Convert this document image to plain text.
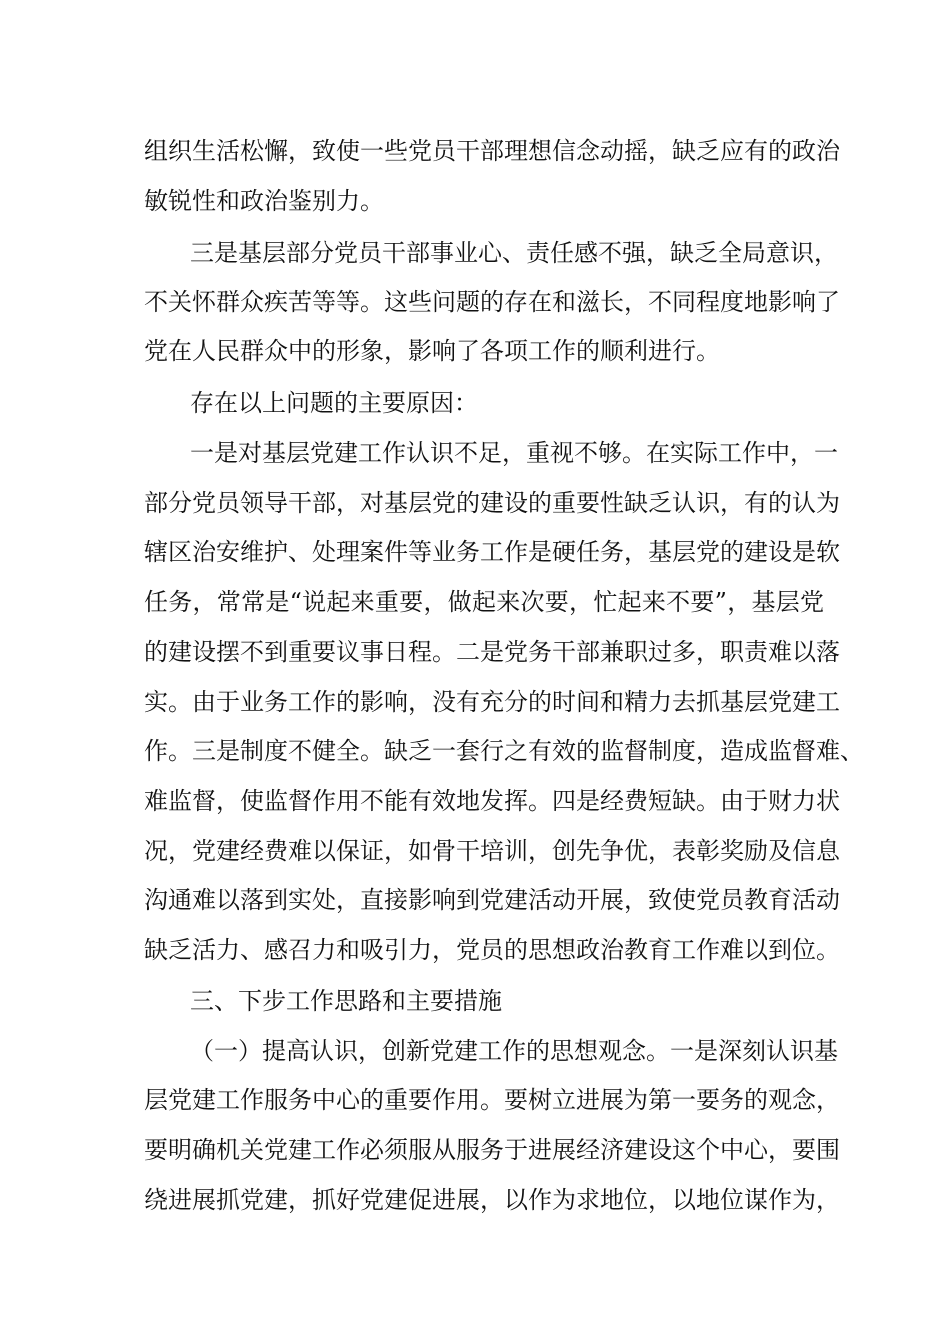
组织生活松懈，致使一些党员干部理想信念动摇，缺乏应有的政治
敏锐性和政治鉴别力。
三是基层部分党员干部事业心、责任感不强，缺乏全局意识，
不关怀群众疾苦等等。这些问题的存在和滋长，不同程度地影响了
党在人民群众中的形象，影响了各项工作的顺利进行。
存在以上问题的主要原因：
一是对基层党建工作认识不足，重视不够。在实际工作中，一
部分党员领导干部，对基层党的建设的重要性缺乏认识，有的认为
辖区治安维护、处理案件等业务工作是硬任务，基层党的建设是软
任务，常常是“说起来重要，做起来次要，忙起来不要”，基层党
的建设摆不到重要议事日程。二是党务干部兼职过多，职责难以落
实。由于业务工作的影响，没有充分的时间和精力去抓基层党建工
作。三是制度不健全。缺乏一套行之有效的监督制度，造成监督难、
难监督，使监督作用不能有效地发挥。四是经费短缺。由于财力状
况，党建经费难以保证，如骨干培训，创先争优，表彰奖励及信息
沟通难以落到实处，直接影响到党建活动开展，致使党员教育活动
缺乏活力、感召力和吸引力，党员的思想政治教育工作难以到位。
三、下步工作思路和主要措施
（一）提高认识，创新党建工作的思想观念。一是深刻认识基
层党建工作服务中心的重要作用。要树立进展为第一要务的观念，
要明确机关党建工作必须服从服务于进展经济建设这个中心，要围
绕进展抓党建，抓好党建促进展，以作为求地位，以地位谋作为，
